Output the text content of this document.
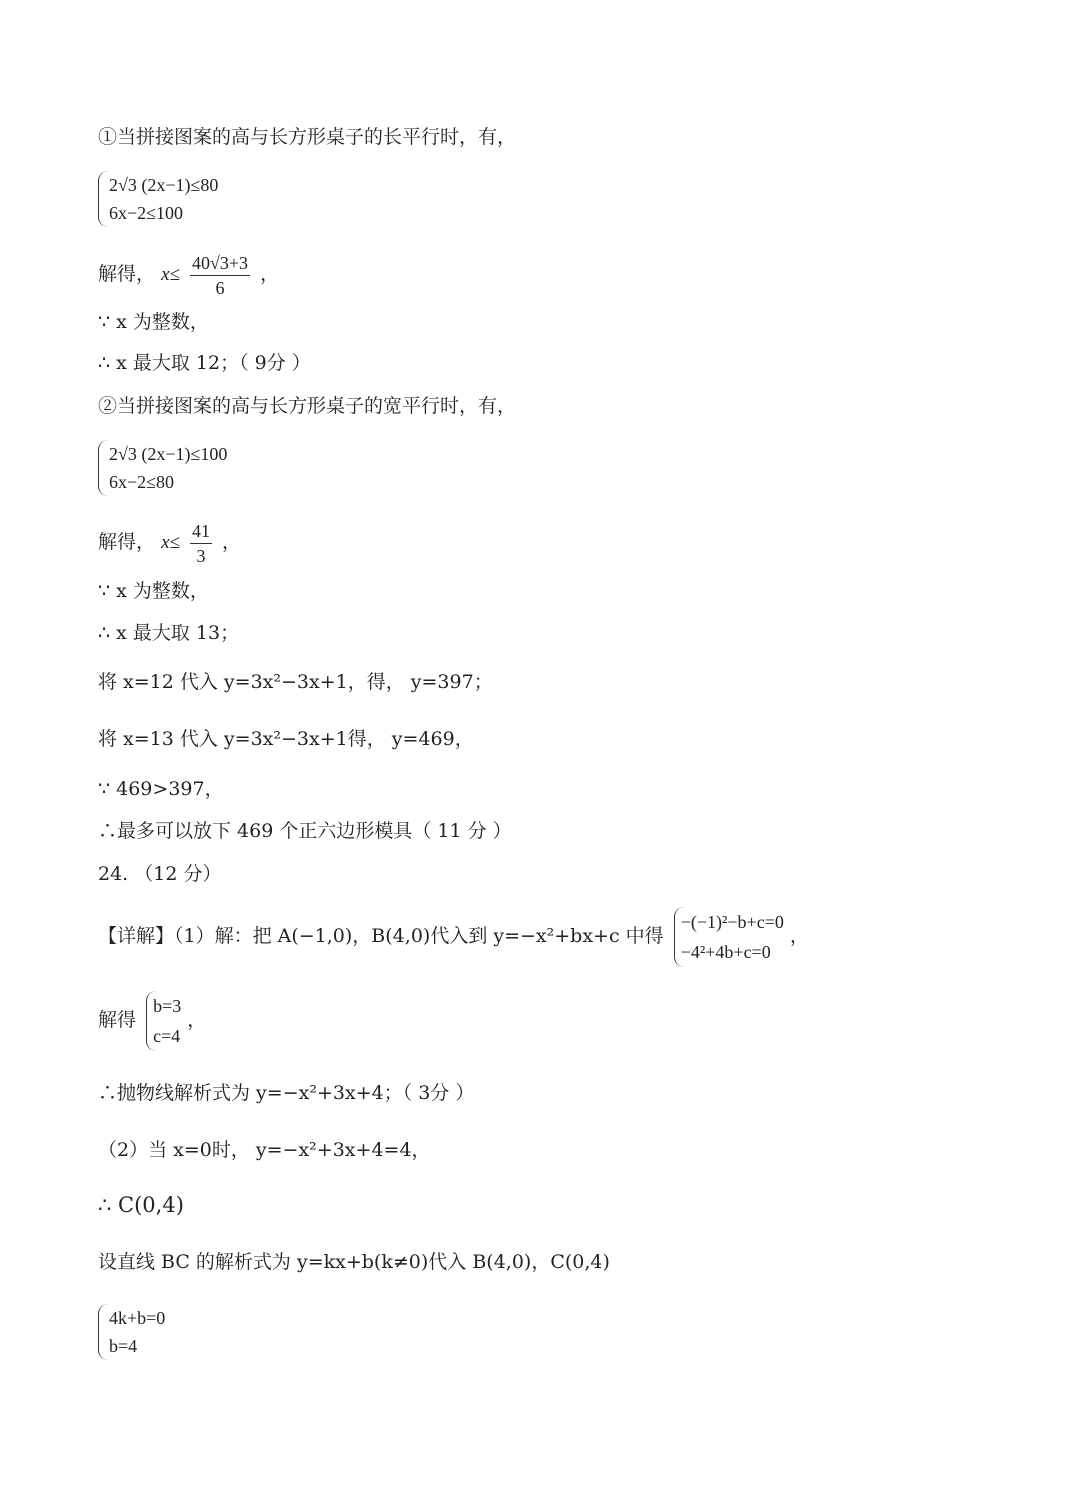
①当拼接图案的高与长方形桌子的长平行时，有，
2√3 (2x−1)≤80
6x−2≤100
解得， $x\le \frac{40√3+3}{6}$ ，
∵ x 为整数，
∴ x 最大取 12；（ 9分 ）
②当拼接图案的高与长方形桌子的宽平行时，有，
2√3 (2x−1)≤100
6x−2≤80
解得， $x\le \frac{41}{3}$ ，
∵ x 为整数，
∴ x 最大取 13；
将 x=12 代入 y=3x²−3x+1，得， y=397；
将 x=13 代入 y=3x²−3x+1得， y=469，
∵ 469>397，
∴最多可以放下 469 个正六边形模具（ 11 分 ）
24. （12 分）
【详解】（1）解：把 A(−1,0)，B(4,0)代入到 y=−x²+bx+c 中得
−(−1)²−b+c=0
−4²+4b+c=0
，
解得
b=3
c=4
，
∴抛物线解析式为 y=−x²+3x+4；（ 3分 ）
（2）当 x=0时， y=−x²+3x+4=4，
∴ C(0,4)
设直线 BC 的解析式为 y=kx+b(k≠0)代入 B(4,0)，C(0,4)
4k+b=0
b=4
